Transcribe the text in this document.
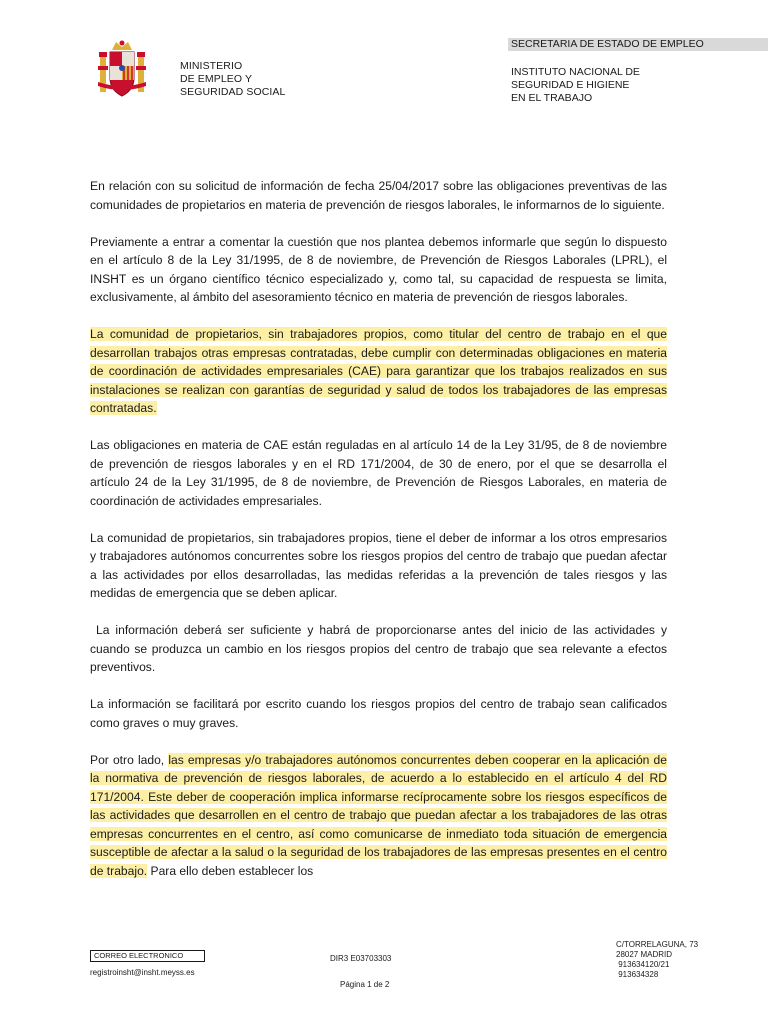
MINISTERIO
DE EMPLEO Y
SEGURIDAD SOCIAL
SECRETARIA DE ESTADO DE EMPLEO
INSTITUTO NACIONAL DE
SEGURIDAD E HIGIENE
EN EL TRABAJO

En relación con su solicitud de información de fecha 25/04/2017 sobre las obligaciones preventivas de las comunidades de propietarios en materia de prevención de riesgos laborales, le informarnos de lo siguiente.

Previamente a entrar a comentar la cuestión que nos plantea debemos informarle que según lo dispuesto en el artículo 8 de la Ley 31/1995, de 8 de noviembre, de Prevención de Riesgos Laborales (LPRL), el INSHT es un órgano científico técnico especializado y, como tal, su capacidad de respuesta se limita, exclusivamente, al ámbito del asesoramiento técnico en materia de prevención de riesgos laborales.

La comunidad de propietarios, sin trabajadores propios, como titular del centro de trabajo en el que desarrollan trabajos otras empresas contratadas, debe cumplir con determinadas obligaciones en materia de coordinación de actividades empresariales (CAE) para garantizar que los trabajos realizados en sus instalaciones se realizan con garantías de seguridad y salud de todos los trabajadores de las empresas contratadas.

Las obligaciones en materia de CAE están reguladas en al artículo 14 de la Ley 31/95, de 8 de noviembre de prevención de riesgos laborales y en el RD 171/2004, de 30 de enero, por el que se desarrolla el artículo 24 de la Ley 31/1995, de 8 de noviembre, de Prevención de Riesgos Laborales, en materia de coordinación de actividades empresariales.

La comunidad de propietarios, sin trabajadores propios, tiene el deber de informar a los otros empresarios y trabajadores autónomos concurrentes sobre los riesgos propios del centro de trabajo que puedan afectar a las actividades por ellos desarrolladas, las medidas referidas a la prevención de tales riesgos y las medidas de emergencia que se deben aplicar.

La información deberá ser suficiente y habrá de proporcionarse antes del inicio de las actividades y cuando se produzca un cambio en los riesgos propios del centro de trabajo que sea relevante a efectos preventivos.

La información se facilitará por escrito cuando los riesgos propios del centro de trabajo sean calificados como graves o muy graves.

Por otro lado, las empresas y/o trabajadores autónomos concurrentes deben cooperar en la aplicación de la normativa de prevención de riesgos laborales, de acuerdo a lo establecido en el artículo 4 del RD 171/2004. Este deber de cooperación implica informarse recíprocamente sobre los riesgos específicos de las actividades que desarrollen en el centro de trabajo que puedan afectar a los trabajadores de las otras empresas concurrentes en el centro, así como comunicarse de inmediato toda situación de emergencia susceptible de afectar a la salud o la seguridad de los trabajadores de las empresas presentes en el centro de trabajo. Para ello deben establecer los

CORREO ELECTRONICO
registroinsht@insht.meyss.es
DIR3 E03703303
Página 1 de 2
C/TORRELAGUNA, 73
28027 MADRID
913634120/21
913634328
